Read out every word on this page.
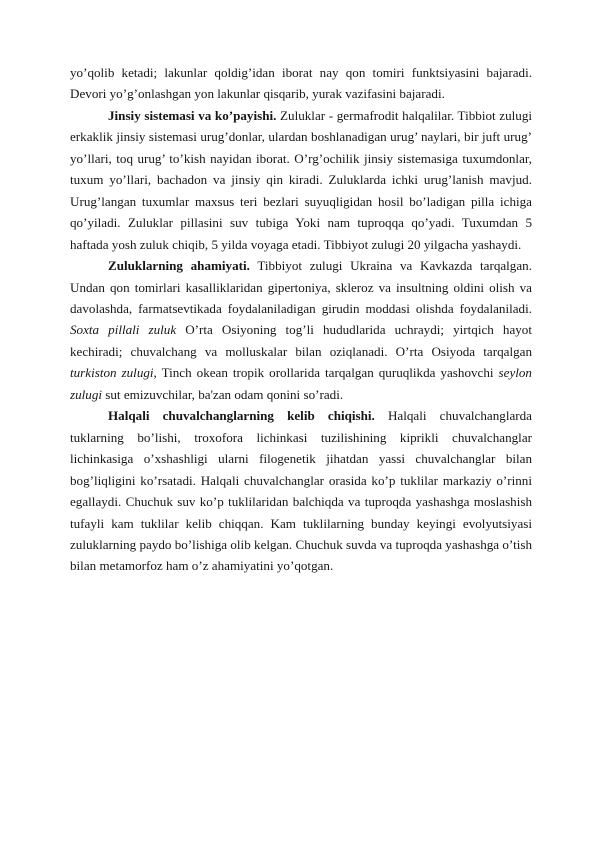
yo’qolib ketadi; lakunlar qoldig’idan iborat nay qon tomiri funktsiyasini bajaradi. Devori yo’g’onlashgan yon lakunlar qisqarib, yurak vazifasini bajaradi.

Jinsiy sistemasi va ko’payishi. Zuluklar - germafrodit halqalilar. Tibbiot zulugi erkaklik jinsiy sistemasi urug’donlar, ulardan boshlanadigan urug’ naylari, bir juft urug’ yo’llari, toq urug’ to’kish nayidan iborat. O’rg’ochilik jinsiy sistemasiga tuxumdonlar, tuxum yo’llari, bachadon va jinsiy qin kiradi. Zuluklarda ichki urug’lanish mavjud. Urug’langan tuxumlar maxsus teri bezlari suyuqligidan hosil bo’ladigan pilla ichiga qo’yiladi. Zuluklar pillasini suv tubiga Yoki nam tuproqqa qo’yadi. Tuxumdan 5 haftada yosh zuluk chiqib, 5 yilda voyaga etadi. Tibbiyot zulugi 20 yilgacha yashaydi.

Zuluklarning ahamiyati. Tibbiyot zulugi Ukraina va Kavkazda tarqalgan. Undan qon tomirlari kasalliklaridan gipertoniya, skleroz va insultning oldini olish va davolashda, farmatsevtikada foydalaniladigan girudin moddasi olishda foydalaniladi. Soxta pillali zuluk O’rta Osiyoning tog’li hududlarida uchraydi; yirtqich hayot kechiradi; chuvalchang va molluskalar bilan oziqlanadi. O’rta Osiyoda tarqalgan turkiston zulugi, Tinch okean tropik orollarida tarqalgan quruqlikda yashovchi seylon zulugi sut emizuvchilar, ba'zan odam qonini so’radi.

Halqali chuvalchanglarning kelib chiqishi. Halqali chuvalchanglarda tuklarning bo’lishi, troxofora lichinkasi tuzilishining kiprikli chuvalchanglar lichinkasiga o’xshashligi ularni filogenetik jihatdan yassi chuvalchanglar bilan bog’liqligini ko’rsatadi. Halqali chuvalchanglar orasida ko’p tuklilar markaziy o’rinni egallaydi. Chuchuk suv ko’p tuklilaridan balchiqda va tuproqda yashashga moslashish tufayli kam tuklilar kelib chiqqan. Kam tuklilarning bunday keyingi evolyutsiyasi zuluklarning paydo bo’lishiga olib kelgan. Chuchuk suvda va tuproqda yashashga o’tish bilan metamorfoz ham o’z ahamiyatini yo’qotgan.
